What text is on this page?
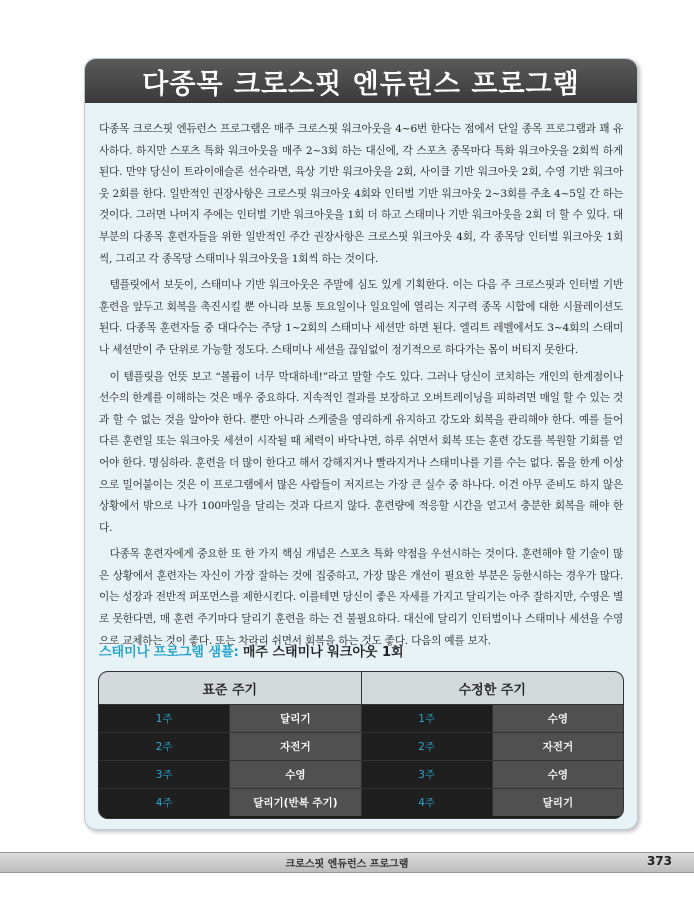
다종목 크로스핏 엔듀런스 프로그램

다종목 크로스핏 엔듀런스 프로그램은 매주 크로스핏 워크아웃을 4~6번 한다는 점에서 단일 종목 프로그램과 꽤 유사하다. 하지만 스포츠 특화 워크아웃을 매주 2~3회 하는 대신에, 각 스포츠 종목마다 특화 워크아웃을 2회씩 하게 된다. 만약 당신이 트라이애슬론 선수라면, 육상 기반 워크아웃을 2회, 사이클 기반 워크아웃 2회, 수영 기반 워크아웃 2회를 한다. 일반적인 권장사항은 크로스핏 워크아웃 4회와 인터벌 기반 워크아웃 2~3회를 주초 4~5일 간 하는 것이다. 그러면 나머지 주에는 인터벌 기반 워크아웃을 1회 더 하고 스태미나 기반 워크아웃을 2회 더 할 수 있다. 대부분의 다종목 훈련자들을 위한 일반적인 주간 권장사항은 크로스핏 워크아웃 4회, 각 종목당 인터벌 워크아웃 1회씩, 그리고 각 종목당 스태미나 워크아웃을 1회씩 하는 것이다.

템플릿에서 보듯이, 스태미나 기반 워크아웃은 주말에 심도 있게 기획한다. 이는 다음 주 크로스핏과 인터벌 기반 훈련을 앞두고 회복을 촉진시킬 뿐 아니라 보통 토요일이나 일요일에 열리는 지구력 종목 시합에 대한 시뮬레이션도 된다. 다종목 훈련자들 중 대다수는 주당 1~2회의 스태미나 세션만 하면 된다. 엘리트 레벨에서도 3~4회의 스태미나 세션만이 주 단위로 가능할 정도다. 스태미나 세션을 끊임없이 정기적으로 하다가는 몸이 버티지 못한다.

이 템플릿을 언뜻 보고 “볼륨이 너무 막대하네!”라고 말할 수도 있다. 그러나 당신이 코치하는 개인의 한계점이나 선수의 한계를 이해하는 것은 매우 중요하다. 지속적인 결과를 보장하고 오버트레이닝을 피하려면 매일 할 수 있는 것과 할 수 없는 것을 알아야 한다. 뿐만 아니라 스케줄을 영리하게 유지하고 강도와 회복을 관리해야 한다. 예를 들어 다른 훈련일 또는 워크아웃 세션이 시작될 때 체력이 바닥나면, 하루 쉬면서 회복 또는 훈련 강도를 복원할 기회를 얻어야 한다. 명심하라. 훈련을 더 많이 한다고 해서 강해지거나 빨라지거나 스태미나를 기를 수는 없다. 몸을 한계 이상으로 밀어붙이는 것은 이 프로그램에서 많은 사람들이 저지르는 가장 큰 실수 중 하나다. 이건 아무 준비도 하지 않은 상황에서 밖으로 나가 100마일을 달리는 것과 다르지 않다. 훈련량에 적응할 시간을 얻고서 충분한 회복을 해야 한다.

다종목 훈련자에게 중요한 또 한 가지 핵심 개념은 스포츠 특화 약점을 우선시하는 것이다. 훈련해야 할 기술이 많은 상황에서 훈련자는 자신이 가장 잘하는 것에 집중하고, 가장 많은 개선이 필요한 부분은 등한시하는 경우가 많다. 이는 성장과 전반적 퍼포먼스를 제한시킨다. 이를테면 당신이 좋은 자세를 가지고 달리기는 아주 잘하지만, 수영은 별로 못한다면, 매 훈련 주기마다 달리기 훈련을 하는 건 불필요하다. 대신에 달리기 인터벌이나 스태미나 세션을 수영으로 교체하는 것이 좋다. 또는 차라리 쉬면서 회복을 하는 것도 좋다. 다음의 예를 보자.

스태미나 프로그램 샘플: 매주 스태미나 워크아웃 1회
표준 주기	수정한 주기
1주	달리기	1주	수영
2주	자전거	2주	자전거
3주	수영	3주	수영
4주	달리기(반복 주기)	4주	달리기
크로스핏 엔듀런스 프로그램	373
